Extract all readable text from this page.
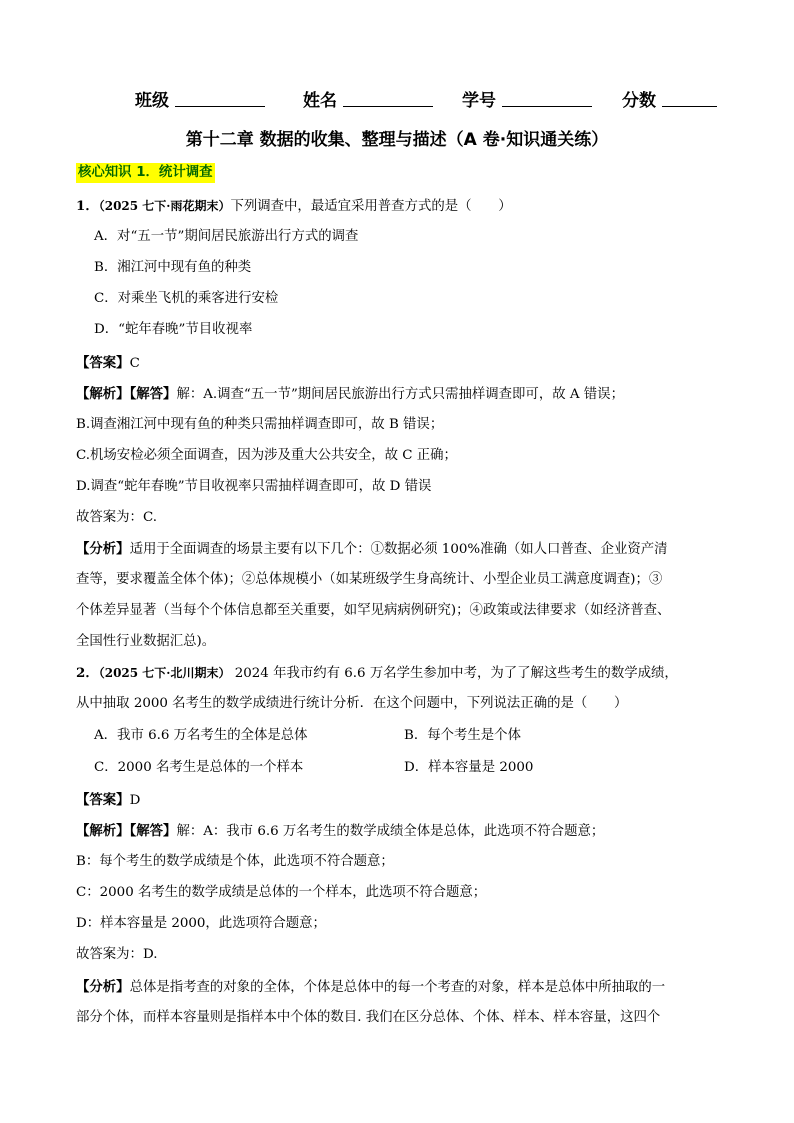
班级	姓名	学号	分数
第十二章 数据的收集、整理与描述（A 卷·知识通关练）
核心知识 1．统计调查
1．（2025 七下·雨花期末）下列调查中，最适宜采用普查方式的是（　　）
A．对“五一节”期间居民旅游出行方式的调查
B．湘江河中现有鱼的种类
C．对乘坐飞机的乘客进行安检
D．“蛇年春晚”节目收视率
【答案】C
【解析】【解答】解：A.调查“五一节”期间居民旅游出行方式只需抽样调查即可，故 A 错误；
B.调查湘江河中现有鱼的种类只需抽样调查即可，故 B 错误；
C.机场安检必须全面调查，因为涉及重大公共安全，故 C 正确；
D.调查“蛇年春晚”节目收视率只需抽样调查即可，故 D 错误
故答案为：C.
【分析】适用于全面调查的场景主要有以下几个：①数据必须 100%准确（如人口普查、企业资产清
查等，要求覆盖全体个体)；②总体规模小（如某班级学生身高统计、小型企业员工满意度调查)；③
个体差异显著（当每个个体信息都至关重要，如罕见病病例研究)；④政策或法律要求（如经济普查、
全国性行业数据汇总)。
2．（2025 七下·北川期末） 2024 年我市约有 6.6 万名学生参加中考，为了了解这些考生的数学成绩，
从中抽取 2000 名考生的数学成绩进行统计分析．在这个问题中，下列说法正确的是（　　）
A．我市 6.6 万名考生的全体是总体	B．每个考生是个体
C．2000 名考生是总体的一个样本	D．样本容量是 2000
【答案】D
【解析】【解答】解：A：我市 6.6 万名考生的数学成绩全体是总体，此选项不符合题意；
B：每个考生的数学成绩是个体，此选项不符合题意；
C：2000 名考生的数学成绩是总体的一个样本，此选项不符合题意；
D：样本容量是 2000，此选项符合题意；
故答案为：D.
【分析】总体是指考查的对象的全体，个体是总体中的每一个考查的对象，样本是总体中所抽取的一
部分个体，而样本容量则是指样本中个体的数目. 我们在区分总体、个体、样本、样本容量，这四个
